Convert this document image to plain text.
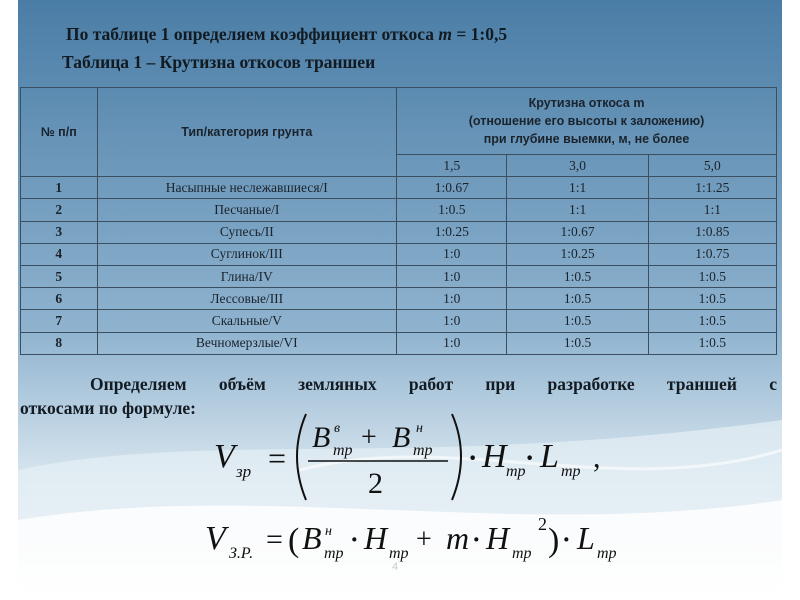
По таблице 1 определяем коэффициент откоса m = 1:0,5
Таблица 1 – Крутизна откосов траншеи
№ п/п	Тип/категория грунта	Крутизна откоса m
(отношение его высоты к заложению)
при глубине выемки, м, не более		

		1,5	3,0	5,0
1	Насыпные неслежавшиеся/I	1:0.67	1:1	1:1.25
2	Песчаные/I	1:0.5	1:1	1:1
3	Супесь/II	1:0.25	1:0.67	1:0.85
4	Суглинок/III	1:0	1:0.25	1:0.75
5	Глина/IV	1:0	1:0.5	1:0.5
6	Лессовые/III	1:0	1:0.5	1:0.5
7	Скальные/V	1:0	1:0.5	1:0.5
8	Вечномерзлые/VI	1:0	1:0.5	1:0.5
Определяем объём земляных работ при разработке траншей с
откосами по формуле:
V зр =
B в
тр + B н
тр
2
· H тр · L тр ,
V З.Р. = ( B н
тр · H тр + m · H тр
2 ) · L тр
4
